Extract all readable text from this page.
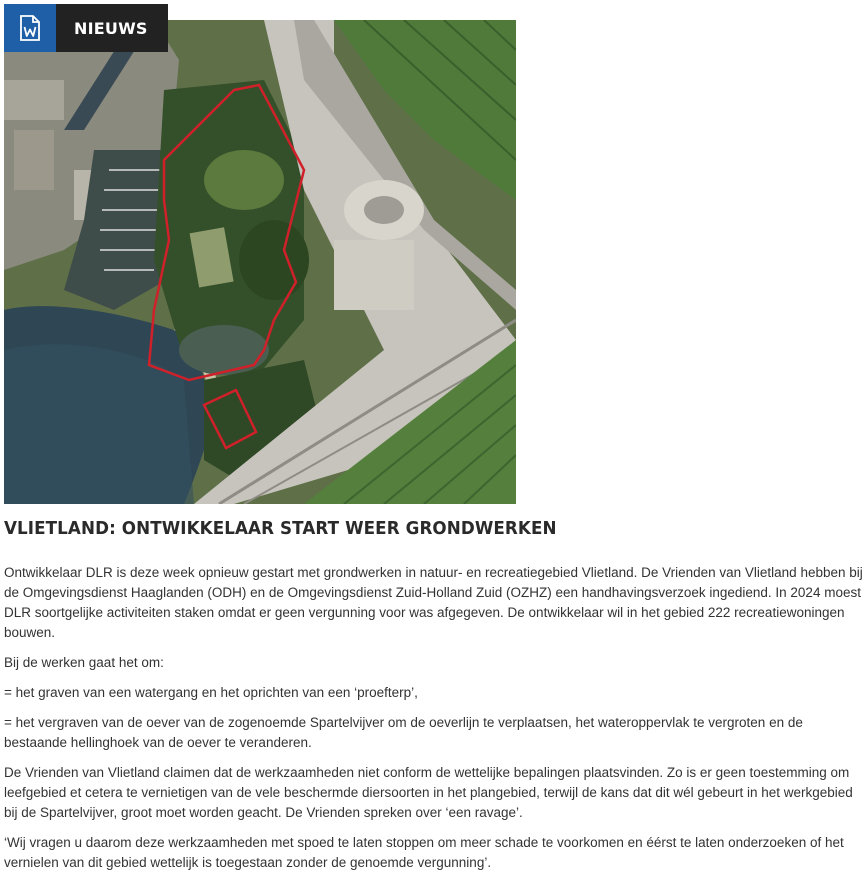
NIEUWS
VLIETLAND: ONTWIKKELAAR START WEER GRONDWERKEN

Ontwikkelaar DLR is deze week opnieuw gestart met grondwerken in natuur- en recreatiegebied Vlietland. De Vrienden van Vlietland hebben bij de Omgevingsdienst Haaglanden (ODH) en de Omgevingsdienst Zuid-Holland Zuid (OZHZ) een handhavingsverzoek ingediend. In 2024 moest DLR soortgelijke activiteiten staken omdat er geen vergunning voor was afgegeven. De ontwikkelaar wil in het gebied 222 recreatiewoningen bouwen.

Bij de werken gaat het om:

= het graven van een watergang en het oprichten van een ‘proefterp’,

= het vergraven van de oever van de zogenoemde Spartelvijver om de oeverlijn te verplaatsen, het wateroppervlak te vergroten en de bestaande hellinghoek van de oever te veranderen.

De Vrienden van Vlietland claimen dat de werkzaamheden niet conform de wettelijke bepalingen plaatsvinden. Zo is er geen toestemming om leefgebied et cetera te vernietigen van de vele beschermde diersoorten in het plangebied, terwijl de kans dat dit wél gebeurt in het werkgebied bij de Spartelvijver, groot moet worden geacht. De Vrienden spreken over ‘een ravage’.

‘Wij vragen u daarom deze werkzaamheden met spoed te laten stoppen om meer schade te voorkomen en éérst te laten onderzoeken of het vernielen van dit gebied wettelijk is toegestaan zonder de genoemde vergunning’.
